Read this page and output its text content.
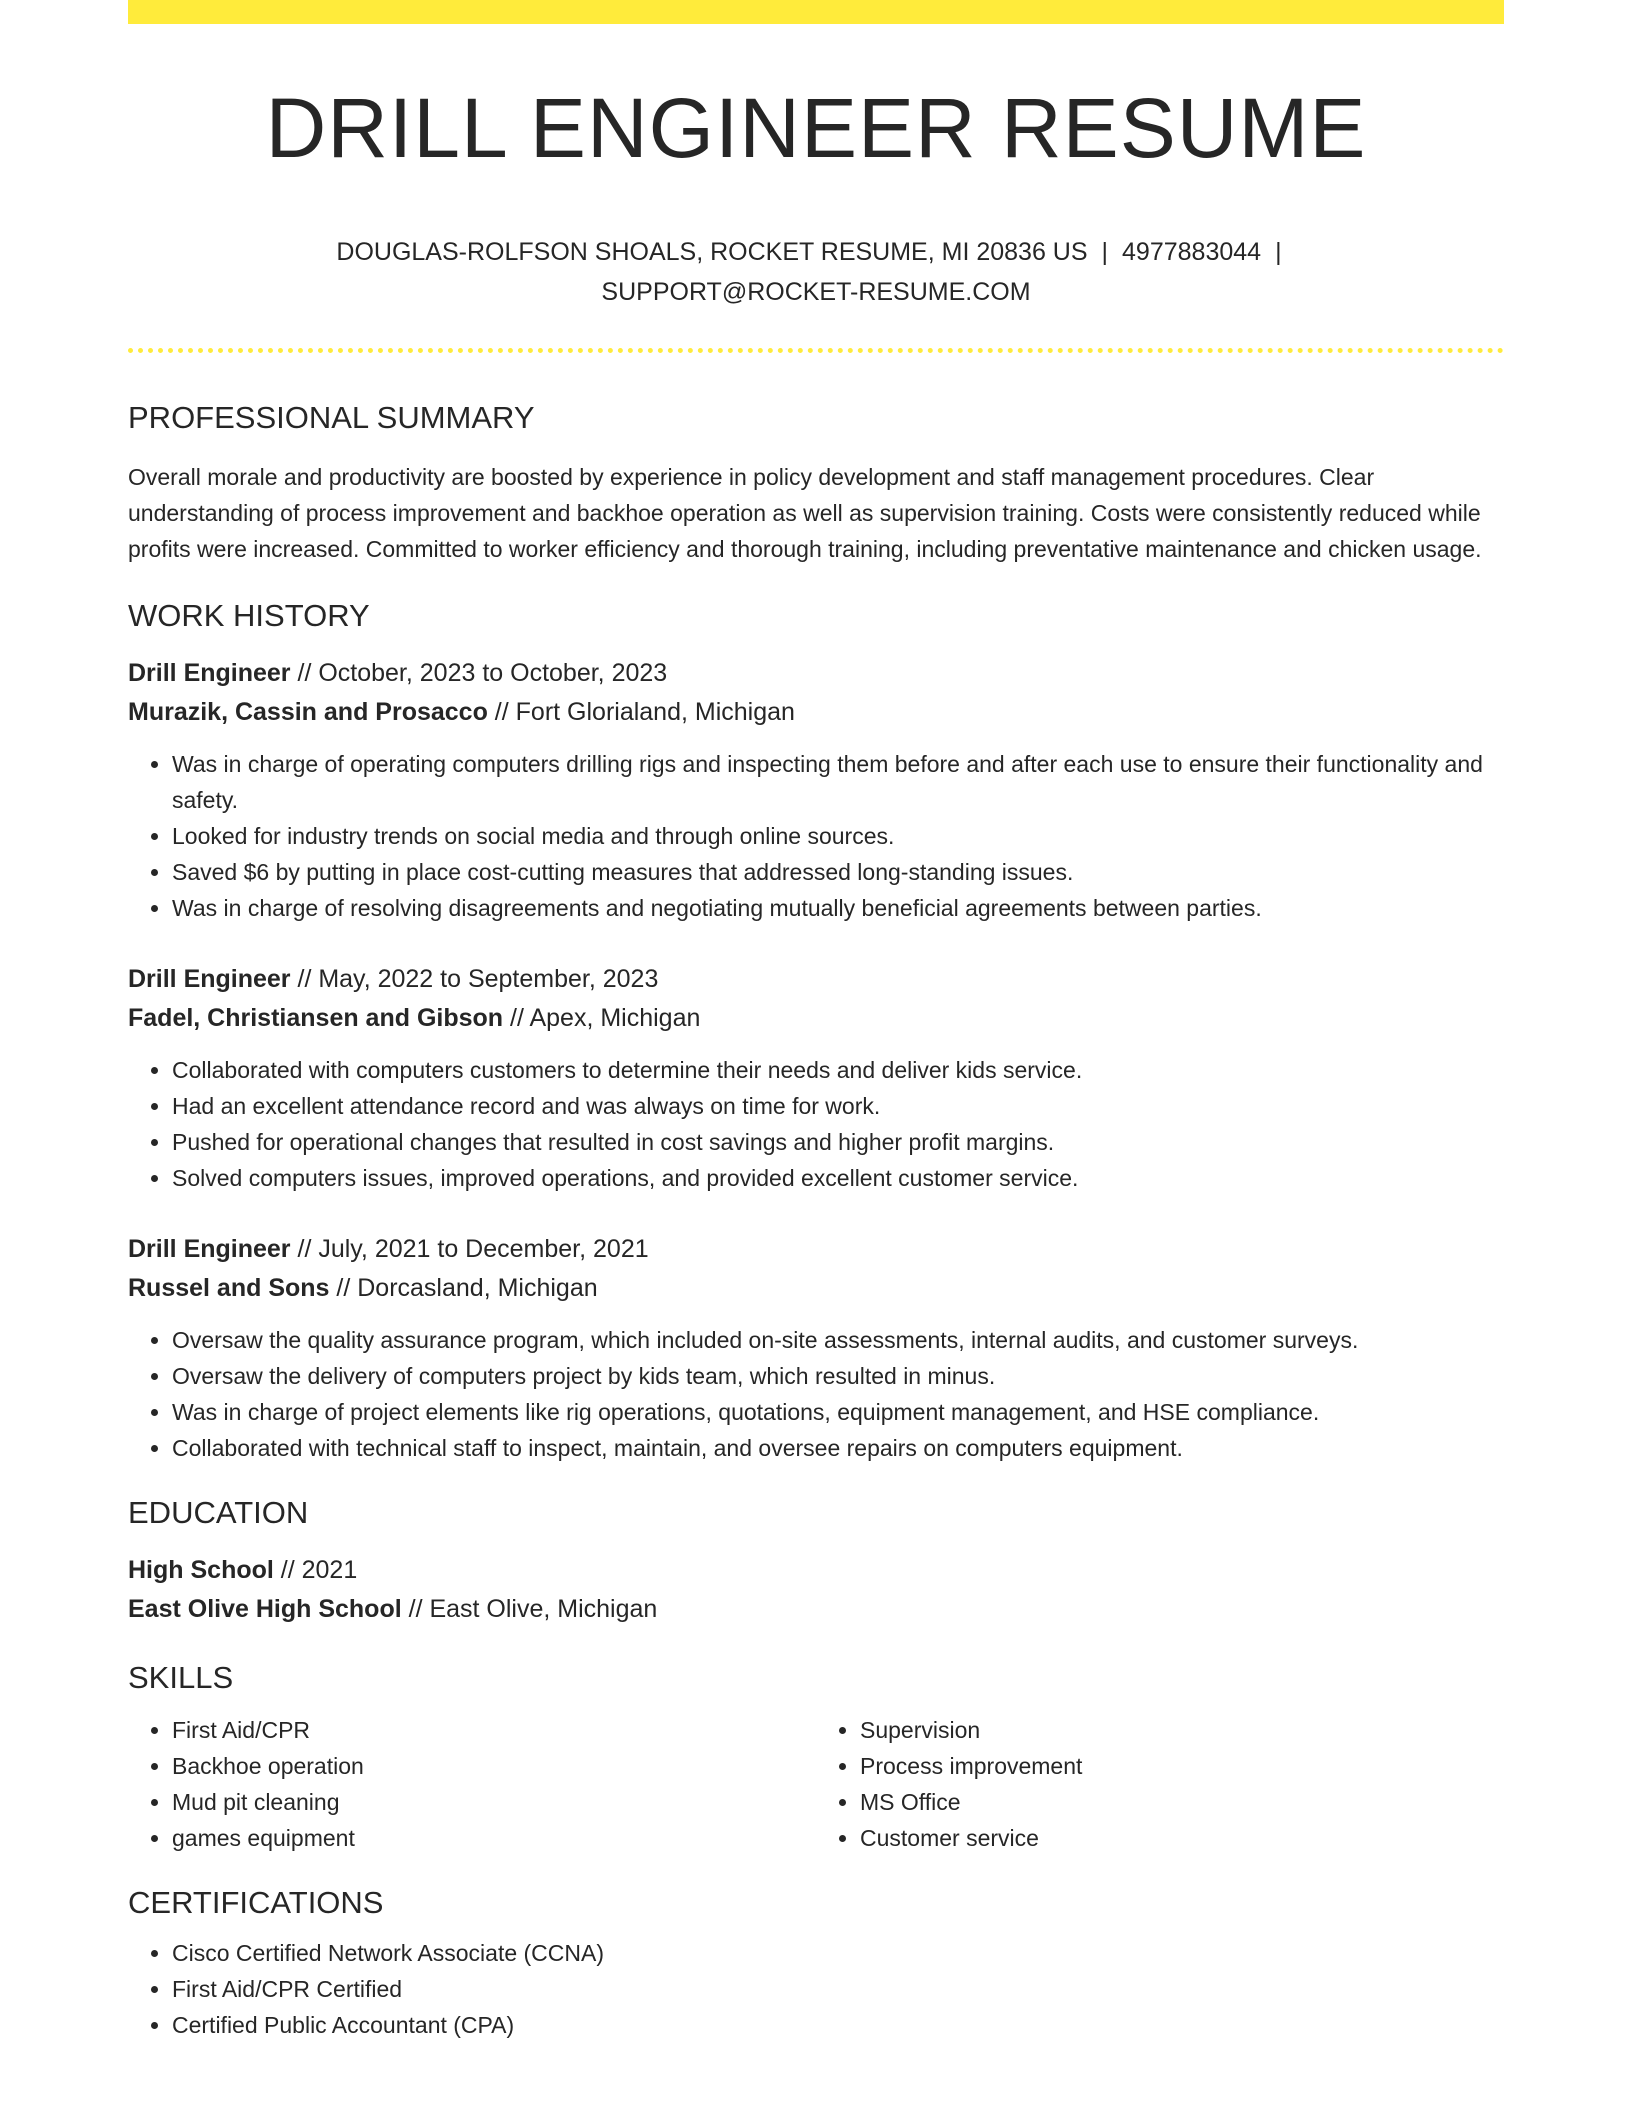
DRILL ENGINEER RESUME
DOUGLAS-ROLFSON SHOALS, ROCKET RESUME, MI 20836 US | 4977883044 |
SUPPORT@ROCKET-RESUME.COM
PROFESSIONAL SUMMARY

Overall morale and productivity are boosted by experience in policy development and staff management procedures. Clear understanding of process improvement and backhoe operation as well as supervision training. Costs were consistently reduced while profits were increased. Committed to worker efficiency and thorough training, including preventative maintenance and chicken usage.

WORK HISTORY
Drill Engineer // October, 2023 to October, 2023
Murazik, Cassin and Prosacco // Fort Glorialand, Michigan
• Was in charge of operating computers drilling rigs and inspecting them before and after each use to ensure their functionality and safety.
• Looked for industry trends on social media and through online sources.
• Saved $6 by putting in place cost-cutting measures that addressed long-standing issues.
• Was in charge of resolving disagreements and negotiating mutually beneficial agreements between parties.
Drill Engineer // May, 2022 to September, 2023
Fadel, Christiansen and Gibson // Apex, Michigan
• Collaborated with computers customers to determine their needs and deliver kids service.
• Had an excellent attendance record and was always on time for work.
• Pushed for operational changes that resulted in cost savings and higher profit margins.
• Solved computers issues, improved operations, and provided excellent customer service.
Drill Engineer // July, 2021 to December, 2021
Russel and Sons // Dorcasland, Michigan
• Oversaw the quality assurance program, which included on-site assessments, internal audits, and customer surveys.
• Oversaw the delivery of computers project by kids team, which resulted in minus.
• Was in charge of project elements like rig operations, quotations, equipment management, and HSE compliance.
• Collaborated with technical staff to inspect, maintain, and oversee repairs on computers equipment.
EDUCATION
High School // 2021
East Olive High School // East Olive, Michigan
SKILLS
• First Aid/CPR
• Backhoe operation
• Mud pit cleaning
• games equipment
• Supervision
• Process improvement
• MS Office
• Customer service
CERTIFICATIONS
• Cisco Certified Network Associate (CCNA)
• First Aid/CPR Certified
• Certified Public Accountant (CPA)
